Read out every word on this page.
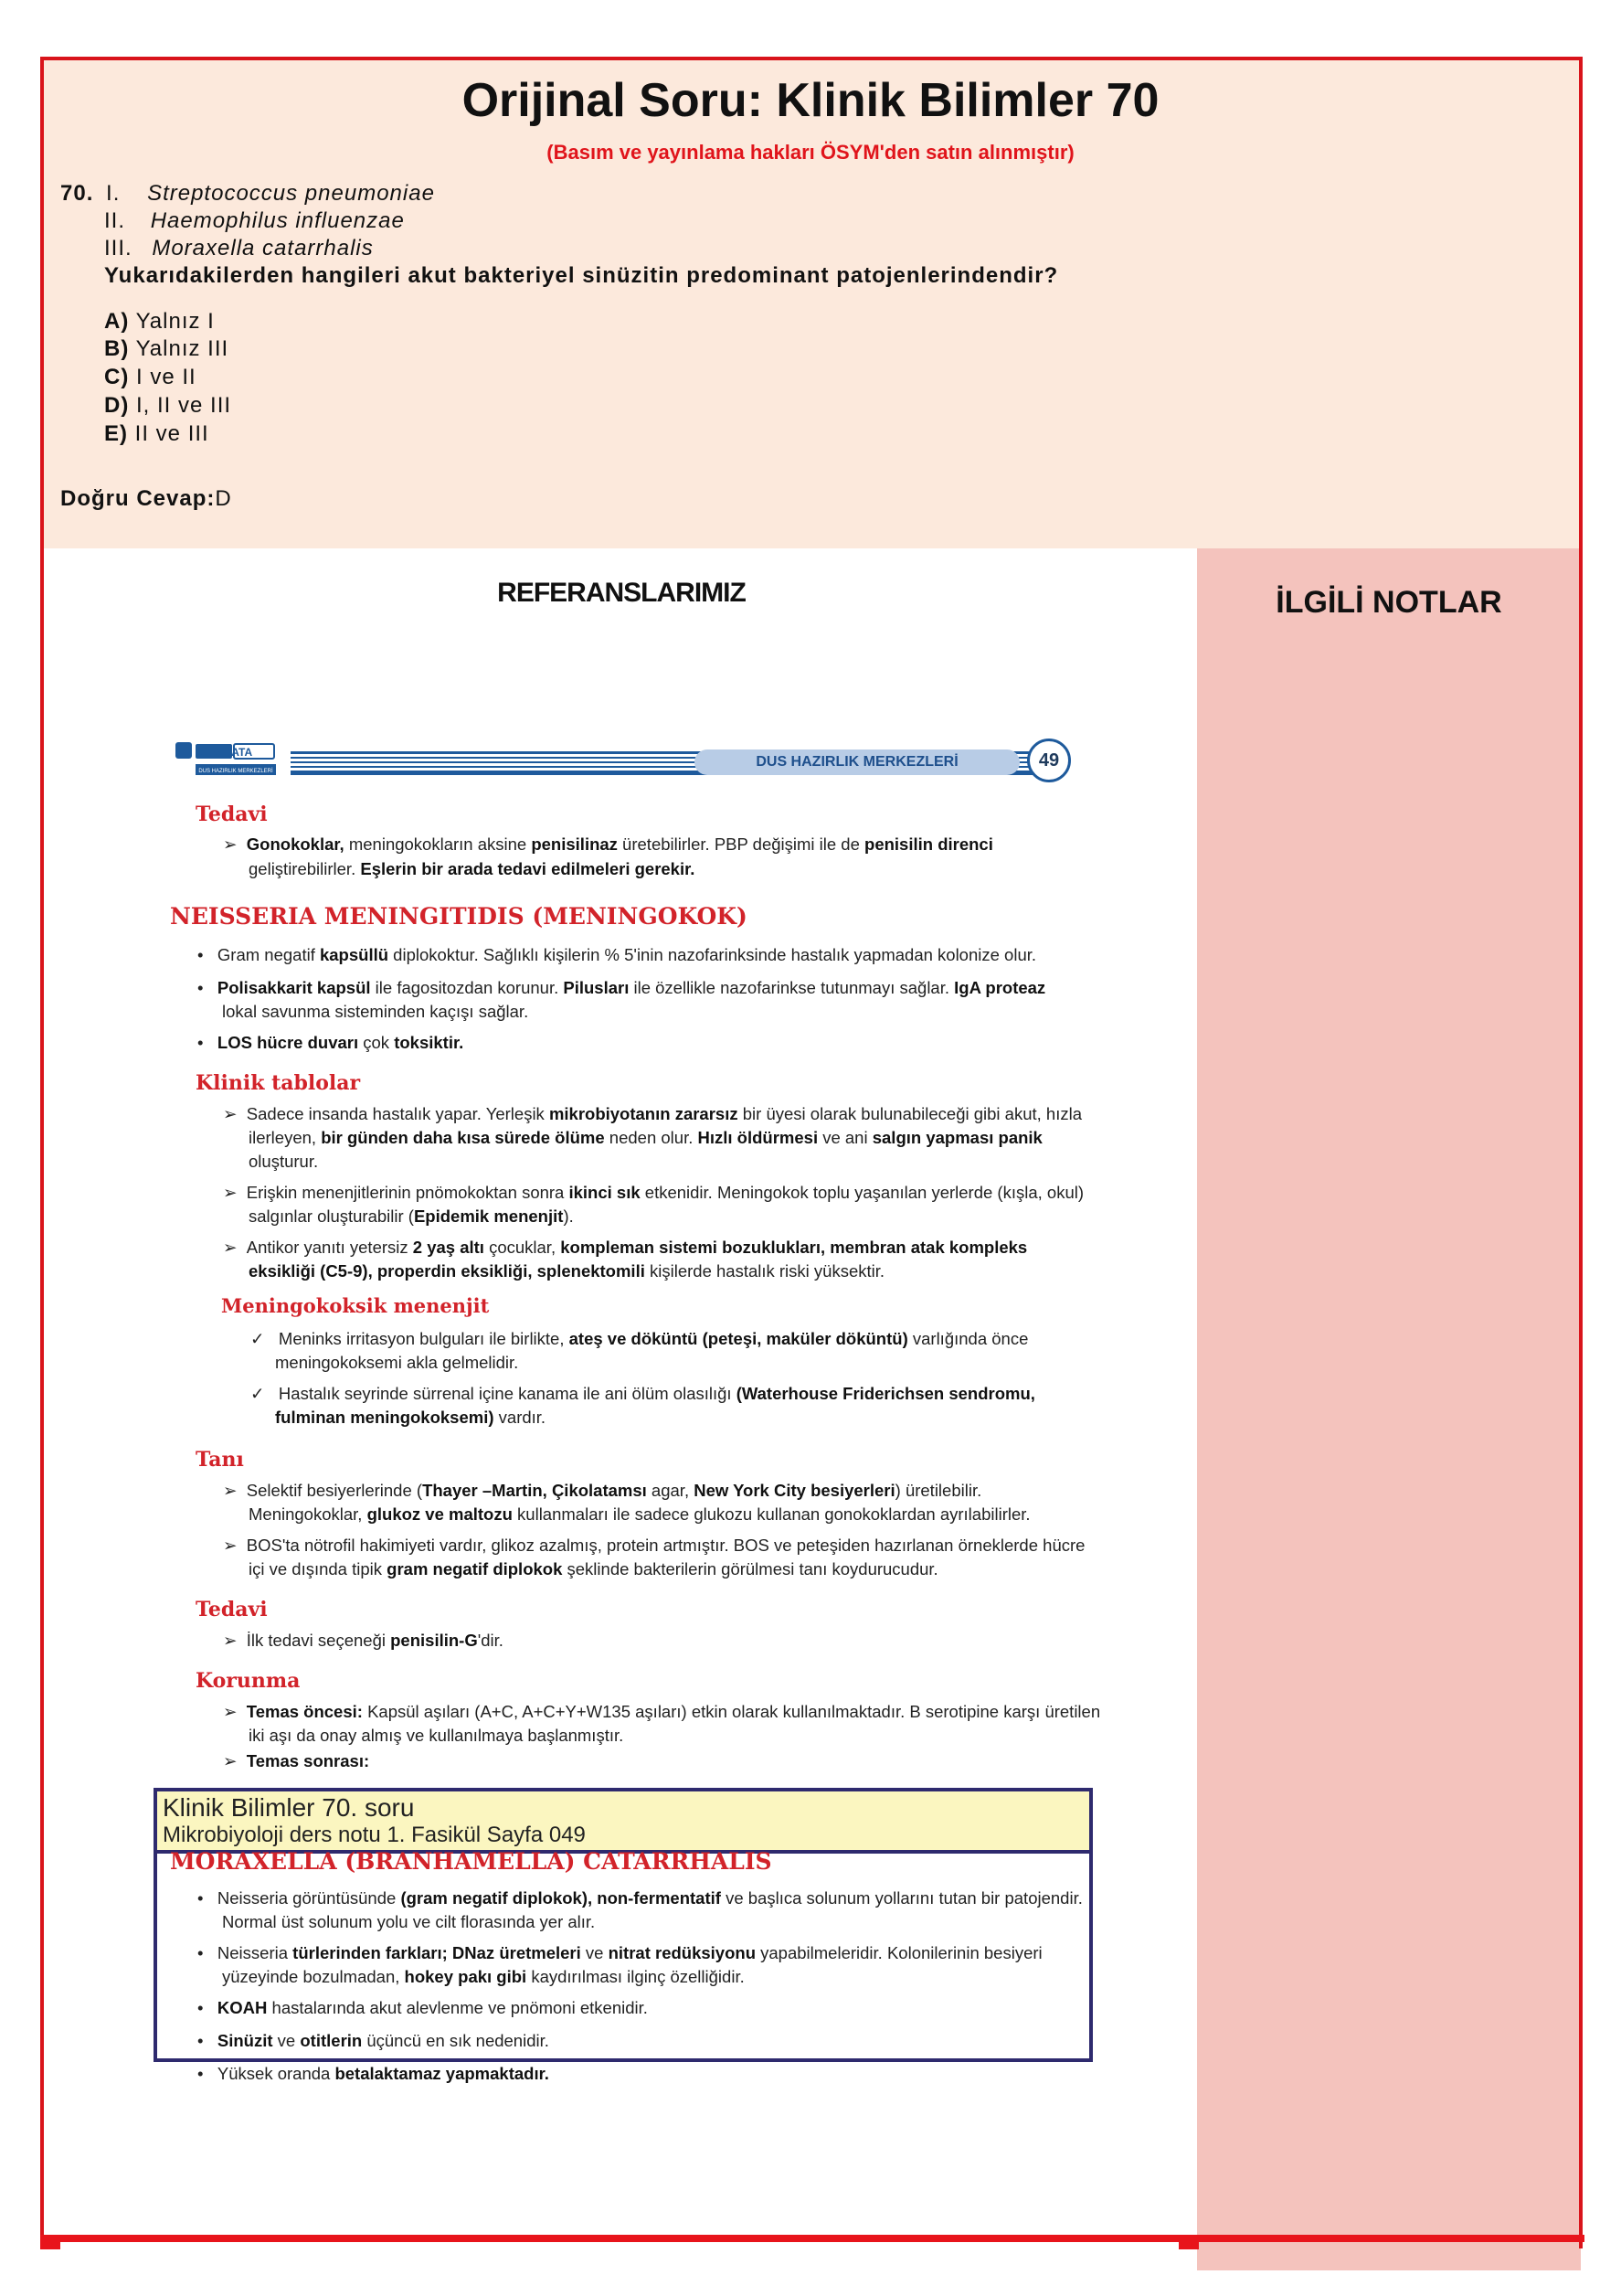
Orijinal Soru: Klinik Bilimler 70
(Basım ve yayınlama hakları ÖSYM'den satın alınmıştır)
70. I. Streptococcus pneumoniae
II. Haemophilus influenzae
III. Moraxella catarrhalis
Yukarıdakilerden hangileri akut bakteriyel sinüzitin predominant patojenlerindendir?
A) Yalnız I
B) Yalnız III
C) I ve II
D) I, II ve III
E) II ve III
Doğru Cevap:D
REFERANSLARIMIZ	İLGİLİ NOTLAR
DUS DATA
DUS HAZIRLIK MERKEZLERİ
DUS HAZIRLIK MERKEZLERİ	49
Tedavi
➢  Gonokoklar, meningokokların aksine penisilinaz üretebilirler. PBP değişimi ile de penisilin direnci
geliştirebilirler. Eşlerin bir arada tedavi edilmeleri gerekir.
NEISSERIA MENINGITIDIS (MENINGOKOK)
•   Gram negatif kapsüllü diplokoktur. Sağlıklı kişilerin % 5'inin nazofarinksinde hastalık yapmadan kolonize olur.
•   Polisakkarit kapsül ile fagositozdan korunur. Pilusları ile özellikle nazofarinkse tutunmayı sağlar. IgA proteaz
lokal savunma sisteminden kaçışı sağlar.
•   LOS hücre duvarı çok toksiktir.
Klinik tablolar
➢  Sadece insanda hastalık yapar. Yerleşik mikrobiyotanın zararsız bir üyesi olarak bulunabileceği gibi akut, hızla
ilerleyen, bir günden daha kısa sürede ölüme neden olur. Hızlı öldürmesi ve ani salgın yapması panik
oluşturur.
➢  Erişkin menenjitlerinin pnömokoktan sonra ikinci sık etkenidir. Meningokok toplu yaşanılan yerlerde (kışla, okul)
salgınlar oluşturabilir (Epidemik menenjit).
➢  Antikor yanıtı yetersiz 2 yaş altı çocuklar, kompleman sistemi bozuklukları, membran atak kompleks
eksikliği (C5-9), properdin eksikliği, splenektomili kişilerde hastalık riski yüksektir.
Meningokoksik menenjit
✓   Meninks irritasyon bulguları ile birlikte, ateş ve döküntü (peteşi, maküler döküntü) varlığında önce
meningokoksemi akla gelmelidir.
✓   Hastalık seyrinde sürrenal içine kanama ile ani ölüm olasılığı (Waterhouse Friderichsen sendromu,
fulminan meningokoksemi) vardır.
Tanı
➢  Selektif besiyerlerinde (Thayer –Martin, Çikolatamsı agar, New York City besiyerleri) üretilebilir.
Meningokoklar, glukoz ve maltozu kullanmaları ile sadece glukozu kullanan gonokoklardan ayrılabilirler.
➢  BOS'ta nötrofil hakimiyeti vardır, glikoz azalmış, protein artmıştır. BOS ve peteşiden hazırlanan örneklerde hücre
içi ve dışında tipik gram negatif diplokok şeklinde bakterilerin görülmesi tanı koydurucudur.
Tedavi
➢  İlk tedavi seçeneği penisilin-G'dir.
Korunma
➢  Temas öncesi: Kapsül aşıları (A+C, A+C+Y+W135 aşıları) etkin olarak kullanılmaktadır. B serotipine karşı üretilen
iki aşı da onay almış ve kullanılmaya başlanmıştır.
➢  Temas sonrası:
Klinik Bilimler 70. soru
Mikrobiyoloji ders notu 1. Fasikül Sayfa 049
MORAXELLA (BRANHAMELLA) CATARRHALIS
•   Neisseria görüntüsünde (gram negatif diplokok), non-fermentatif ve başlıca solunum yollarını tutan bir patojendir.
Normal üst solunum yolu ve cilt florasında yer alır.
•   Neisseria türlerinden farkları; DNaz üretmeleri ve nitrat redüksiyonu yapabilmeleridir. Kolonilerinin besiyeri
yüzeyinde bozulmadan, hokey pakı gibi kaydırılması ilginç özelliğidir.
•   KOAH hastalarında akut alevlenme ve pnömoni etkenidir.
•   Sinüzit ve otitlerin üçüncü en sık nedenidir.
•   Yüksek oranda betalaktamaz yapmaktadır.
